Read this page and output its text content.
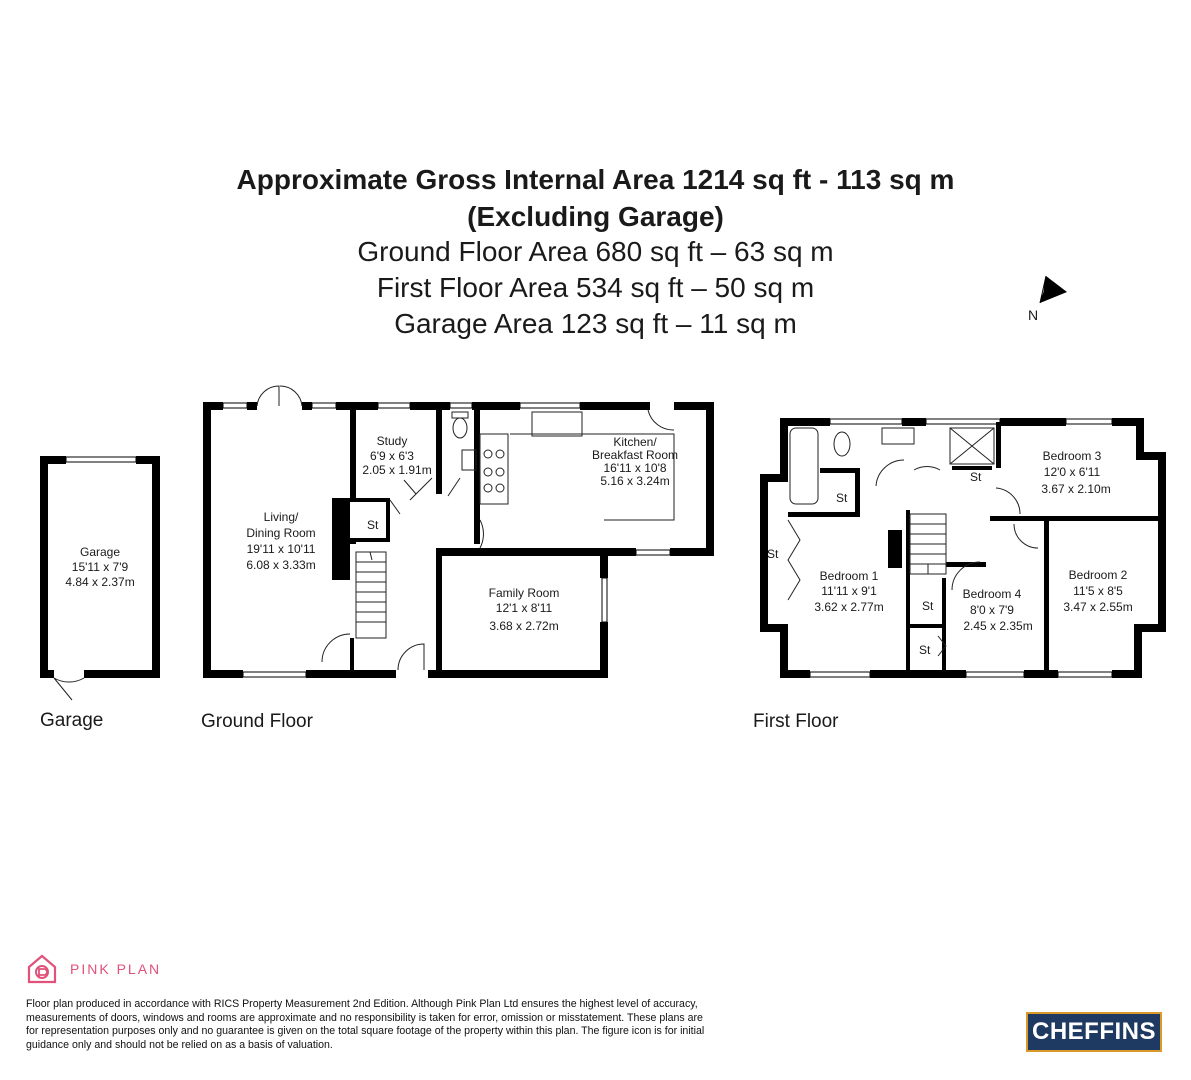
Approximate Gross Internal Area 1214 sq ft - 113 sq m
(Excluding Garage)
Ground Floor Area 680 sq ft – 63 sq m
First Floor Area 534 sq ft – 50 sq m
Garage Area 123 sq ft – 11 sq m	N
Garage
15'11 x 7'9
4.84 x 2.37m
Study
6'9 x 6'3
2.05 x 1.91m
Kitchen/
Breakfast Room
16'11 x 10'8
5.16 x 3.24m
Living/
Dining Room
19'11 x 10'11
6.08 x 3.33m
St
Family Room
12'1 x 8'11
3.68 x 2.72m
Bedroom 3
12'0 x 6'11
3.67 x 2.10m
St
St
St
Bedroom 1
11'11 x 9'1
3.62 x 2.77m
Bedroom 2
11'5 x 8'5
3.47 x 2.55m
Bedroom 4
8'0 x 7'9
2.45 x 2.35m
St
St
Garage	Ground Floor	First Floor
PINK PLAN
Floor plan produced in accordance with RICS Property Measurement 2nd Edition. Although Pink Plan Ltd ensures the highest level of accuracy, measurements of doors, windows and rooms are approximate and no responsibility is taken for error, omission or misstatement. These plans are for representation purposes only and no guarantee is given on the total square footage of the property within this plan. The figure icon is for initial guidance only and should not be relied on as a basis of valuation.	CHEFFINS
